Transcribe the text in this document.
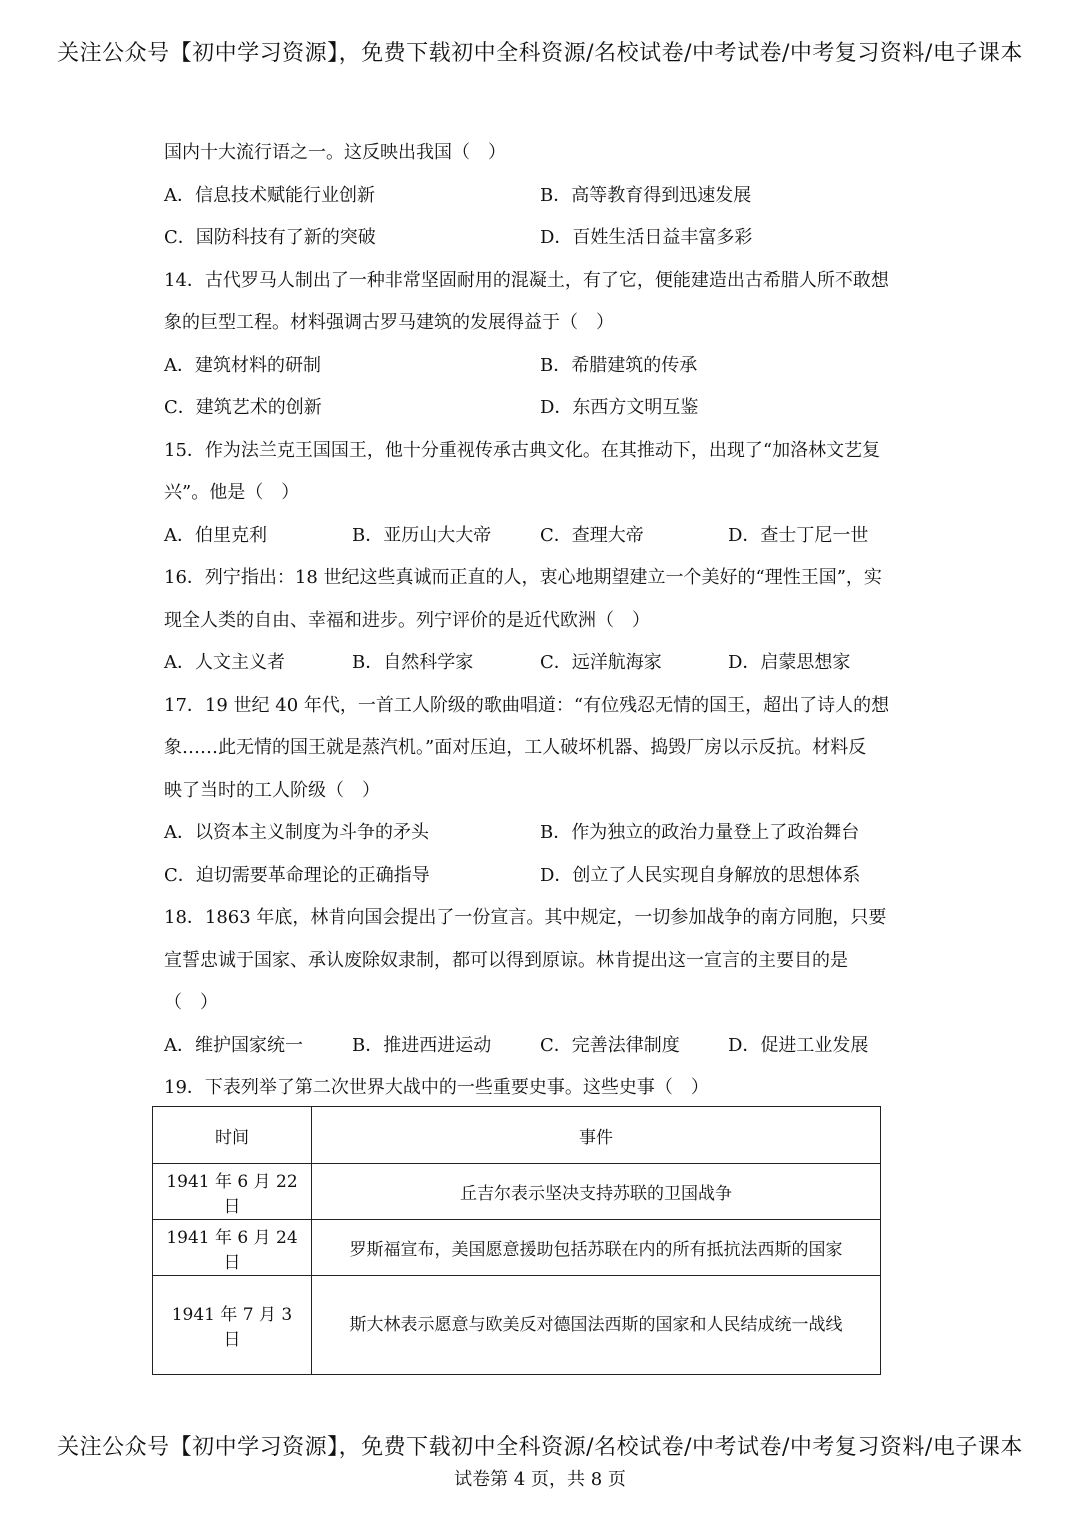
关注公众号【初中学习资源】，免费下载初中全科资源/名校试卷/中考试卷/中考复习资料/电子课本
国内十大流行语之一。这反映出我国（　）
A．信息技术赋能行业创新	B．高等教育得到迅速发展
C．国防科技有了新的突破	D．百姓生活日益丰富多彩
14．古代罗马人制出了一种非常坚固耐用的混凝土，有了它，便能建造出古希腊人所不敢想
象的巨型工程。材料强调古罗马建筑的发展得益于（　）
A．建筑材料的研制	B．希腊建筑的传承
C．建筑艺术的创新	D．东西方文明互鉴
15．作为法兰克王国国王，他十分重视传承古典文化。在其推动下，出现了“加洛林文艺复
兴”。他是（　）
A．伯里克利	B．亚历山大大帝	C．查理大帝	D．查士丁尼一世
16．列宁指出：18 世纪这些真诚而正直的人，衷心地期望建立一个美好的“理性王国”，实
现全人类的自由、幸福和进步。列宁评价的是近代欧洲（　）
A．人文主义者	B．自然科学家	C．远洋航海家	D．启蒙思想家
17．19 世纪 40 年代，一首工人阶级的歌曲唱道：“有位残忍无情的国王，超出了诗人的想
象……此无情的国王就是蒸汽机。”面对压迫，工人破坏机器、捣毁厂房以示反抗。材料反
映了当时的工人阶级（　）
A．以资本主义制度为斗争的矛头	B．作为独立的政治力量登上了政治舞台
C．迫切需要革命理论的正确指导	D．创立了人民实现自身解放的思想体系
18．1863 年底，林肯向国会提出了一份宣言。其中规定，一切参加战争的南方同胞，只要
宣誓忠诚于国家、承认废除奴隶制，都可以得到原谅。林肯提出这一宣言的主要目的是
（　）
A．维护国家统一	B．推进西进运动	C．完善法律制度	D．促进工业发展
19．下表列举了第二次世界大战中的一些重要史事。这些史事（　）
时间	事件
1941 年 6 月 22 日	丘吉尔表示坚决支持苏联的卫国战争
1941 年 6 月 24 日	罗斯福宣布，美国愿意援助包括苏联在内的所有抵抗法西斯的国家
1941 年 7 月 3 日	斯大林表示愿意与欧美反对德国法西斯的国家和人民结成统一战线
关注公众号【初中学习资源】，免费下载初中全科资源/名校试卷/中考试卷/中考复习资料/电子课本
试卷第 4 页，共 8 页
